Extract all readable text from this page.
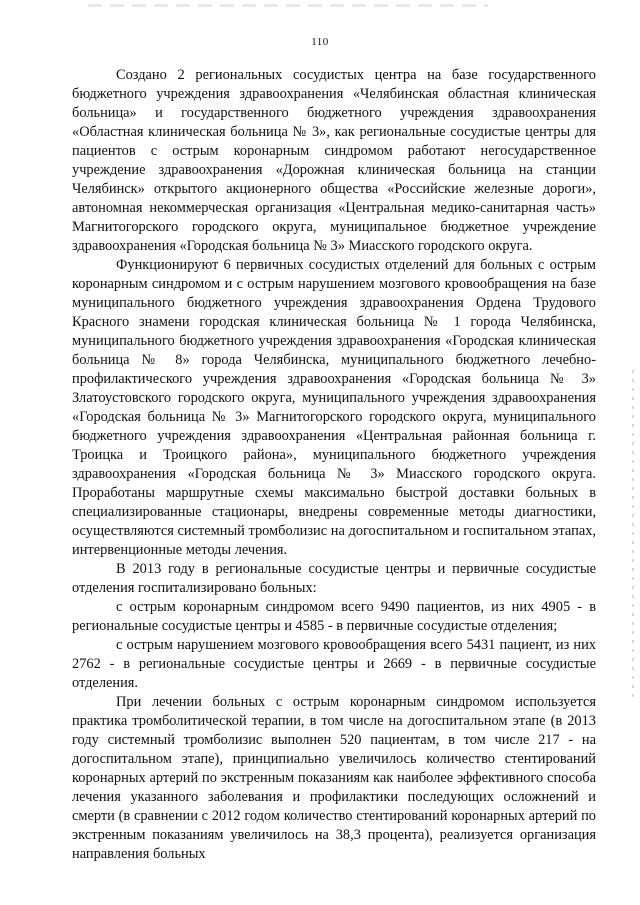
110

Создано 2 региональных сосудистых центра на базе государственного бюджетного учреждения здравоохранения «Челябинская областная клиническая больница» и государственного бюджетного учреждения здравоохранения «Областная клиническая больница № 3», как региональные сосудистые центры для пациентов с острым коронарным синдромом работают негосударственное учреждение здравоохранения «Дорожная клиническая больница на станции Челябинск» открытого акционерного общества «Российские железные дороги», автономная некоммерческая организация «Центральная медико-санитарная часть» Магнитогорского городского округа, муниципальное бюджетное учреждение здравоохранения «Городская больница № 3» Миасского городского округа.

Функционируют 6 первичных сосудистых отделений для больных с острым коронарным синдромом и с острым нарушением мозгового кровообращения на базе муниципального бюджетного учреждения здравоохранения Ордена Трудового Красного знамени городская клиническая больница № 1 города Челябинска, муниципального бюджетного учреждения здравоохранения «Городская клиническая больница № 8» города Челябинска, муниципального бюджетного лечебно-профилактического учреждения здравоохранения «Городская больница № 3» Златоустовского городского округа, муниципального учреждения здравоохранения «Городская больница № 3» Магнитогорского городского округа, муниципального бюджетного учреждения здравоохранения «Центральная районная больница г. Троицка и Троицкого района», муниципального бюджетного учреждения здравоохранения «Городская больница № 3» Миасского городского округа. Проработаны маршрутные схемы максимально быстрой доставки больных в специализированные стационары, внедрены современные методы диагностики, осуществляются системный тромболизис на догоспитальном и госпитальном этапах, интервенционные методы лечения.

В 2013 году в региональные сосудистые центры и первичные сосудистые отделения госпитализировано больных:

с острым коронарным синдромом всего 9490 пациентов, из них 4905 - в региональные сосудистые центры и 4585 - в первичные сосудистые отделения;

с острым нарушением мозгового кровообращения всего 5431 пациент, из них 2762 - в региональные сосудистые центры и 2669 - в первичные сосудистые отделения.

При лечении больных с острым коронарным синдромом используется практика тромболитической терапии, в том числе на догоспитальном этапе (в 2013 году системный тромболизис выполнен 520 пациентам, в том числе 217 - на догоспитальном этапе), принципиально увеличилось количество стентирований коронарных артерий по экстренным показаниям как наиболее эффективного способа лечения указанного заболевания и профилактики последующих осложнений и смерти (в сравнении с 2012 годом количество стентирований коронарных артерий по экстренным показаниям увеличилось на 38,3 процента), реализуется организация направления больных
